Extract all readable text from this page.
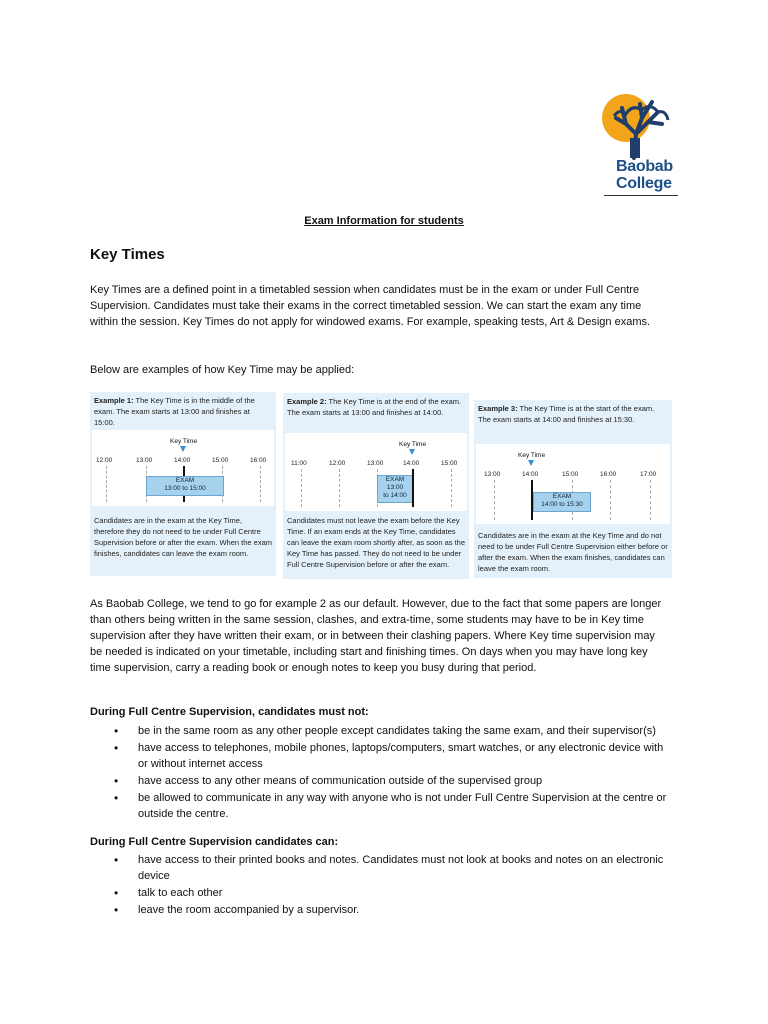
Baobab
College
Exam Information for students
Key Times
Key Times are a defined point in a timetabled session when candidates must be in the exam or under Full Centre Supervision. Candidates must take their exams in the correct timetabled session. We can start the exam any time within the session. Key Times do not apply for windowed exams. For example, speaking tests, Art & Design exams.
Below are examples of how Key Time may be applied:
Example 1: The Key Time is in the middle of the exam. The exam starts at 13:00 and finishes at 15:00.
Key Time
12:00	13:00	14:00	15:00	16:00
EXAM
13:00 to 15:00
Candidates are in the exam at the Key Time, therefore they do not need to be under Full Centre Supervision before or after the exam. When the exam finishes, candidates can leave the exam room.
Example 2: The Key Time is at the end of the exam. The exam starts at 13:00 and finishes at 14:00.
Key Time
11:00	12:00	13:00	14:00	15:00
EXAM
13:00
to 14:00
Candidates must not leave the exam before the Key Time. If an exam ends at the Key Time, candidates can leave the exam room shortly after, as soon as the Key Time has passed. They do not need to be under Full Centre Supervision before or after the exam.
Example 3: The Key Time is at the start of the exam. The exam starts at 14:00 and finishes at 15:30.
Key Time
13:00	14:00	15:00	16:00	17:00
EXAM
14:00 to 15:30
Candidates are in the exam at the Key Time and do not need to be under Full Centre Supervision either before or after the exam. When the exam finishes, candidates can leave the exam room.
As Baobab College, we tend to go for example 2 as our default. However, due to the fact that some papers are longer than others being written in the same session, clashes, and extra-time, some students may have to be in Key time supervision after they have written their exam, or in between their clashing papers. Where Key time supervision may be needed is indicated on your timetable, including start and finishing times. On days when you may have long key time supervision, carry a reading book or enough notes to keep you busy during that period.
During Full Centre Supervision, candidates must not:
• be in the same room as any other people except candidates taking the same exam, and their supervisor(s)
• have access to telephones, mobile phones, laptops/computers, smart watches, or any electronic device with or without internet access
• have access to any other means of communication outside of the supervised group
• be allowed to communicate in any way with anyone who is not under Full Centre Supervision at the centre or outside the centre.
During Full Centre Supervision candidates can:
• have access to their printed books and notes. Candidates must not look at books and notes on an electronic device
• talk to each other
• leave the room accompanied by a supervisor.
